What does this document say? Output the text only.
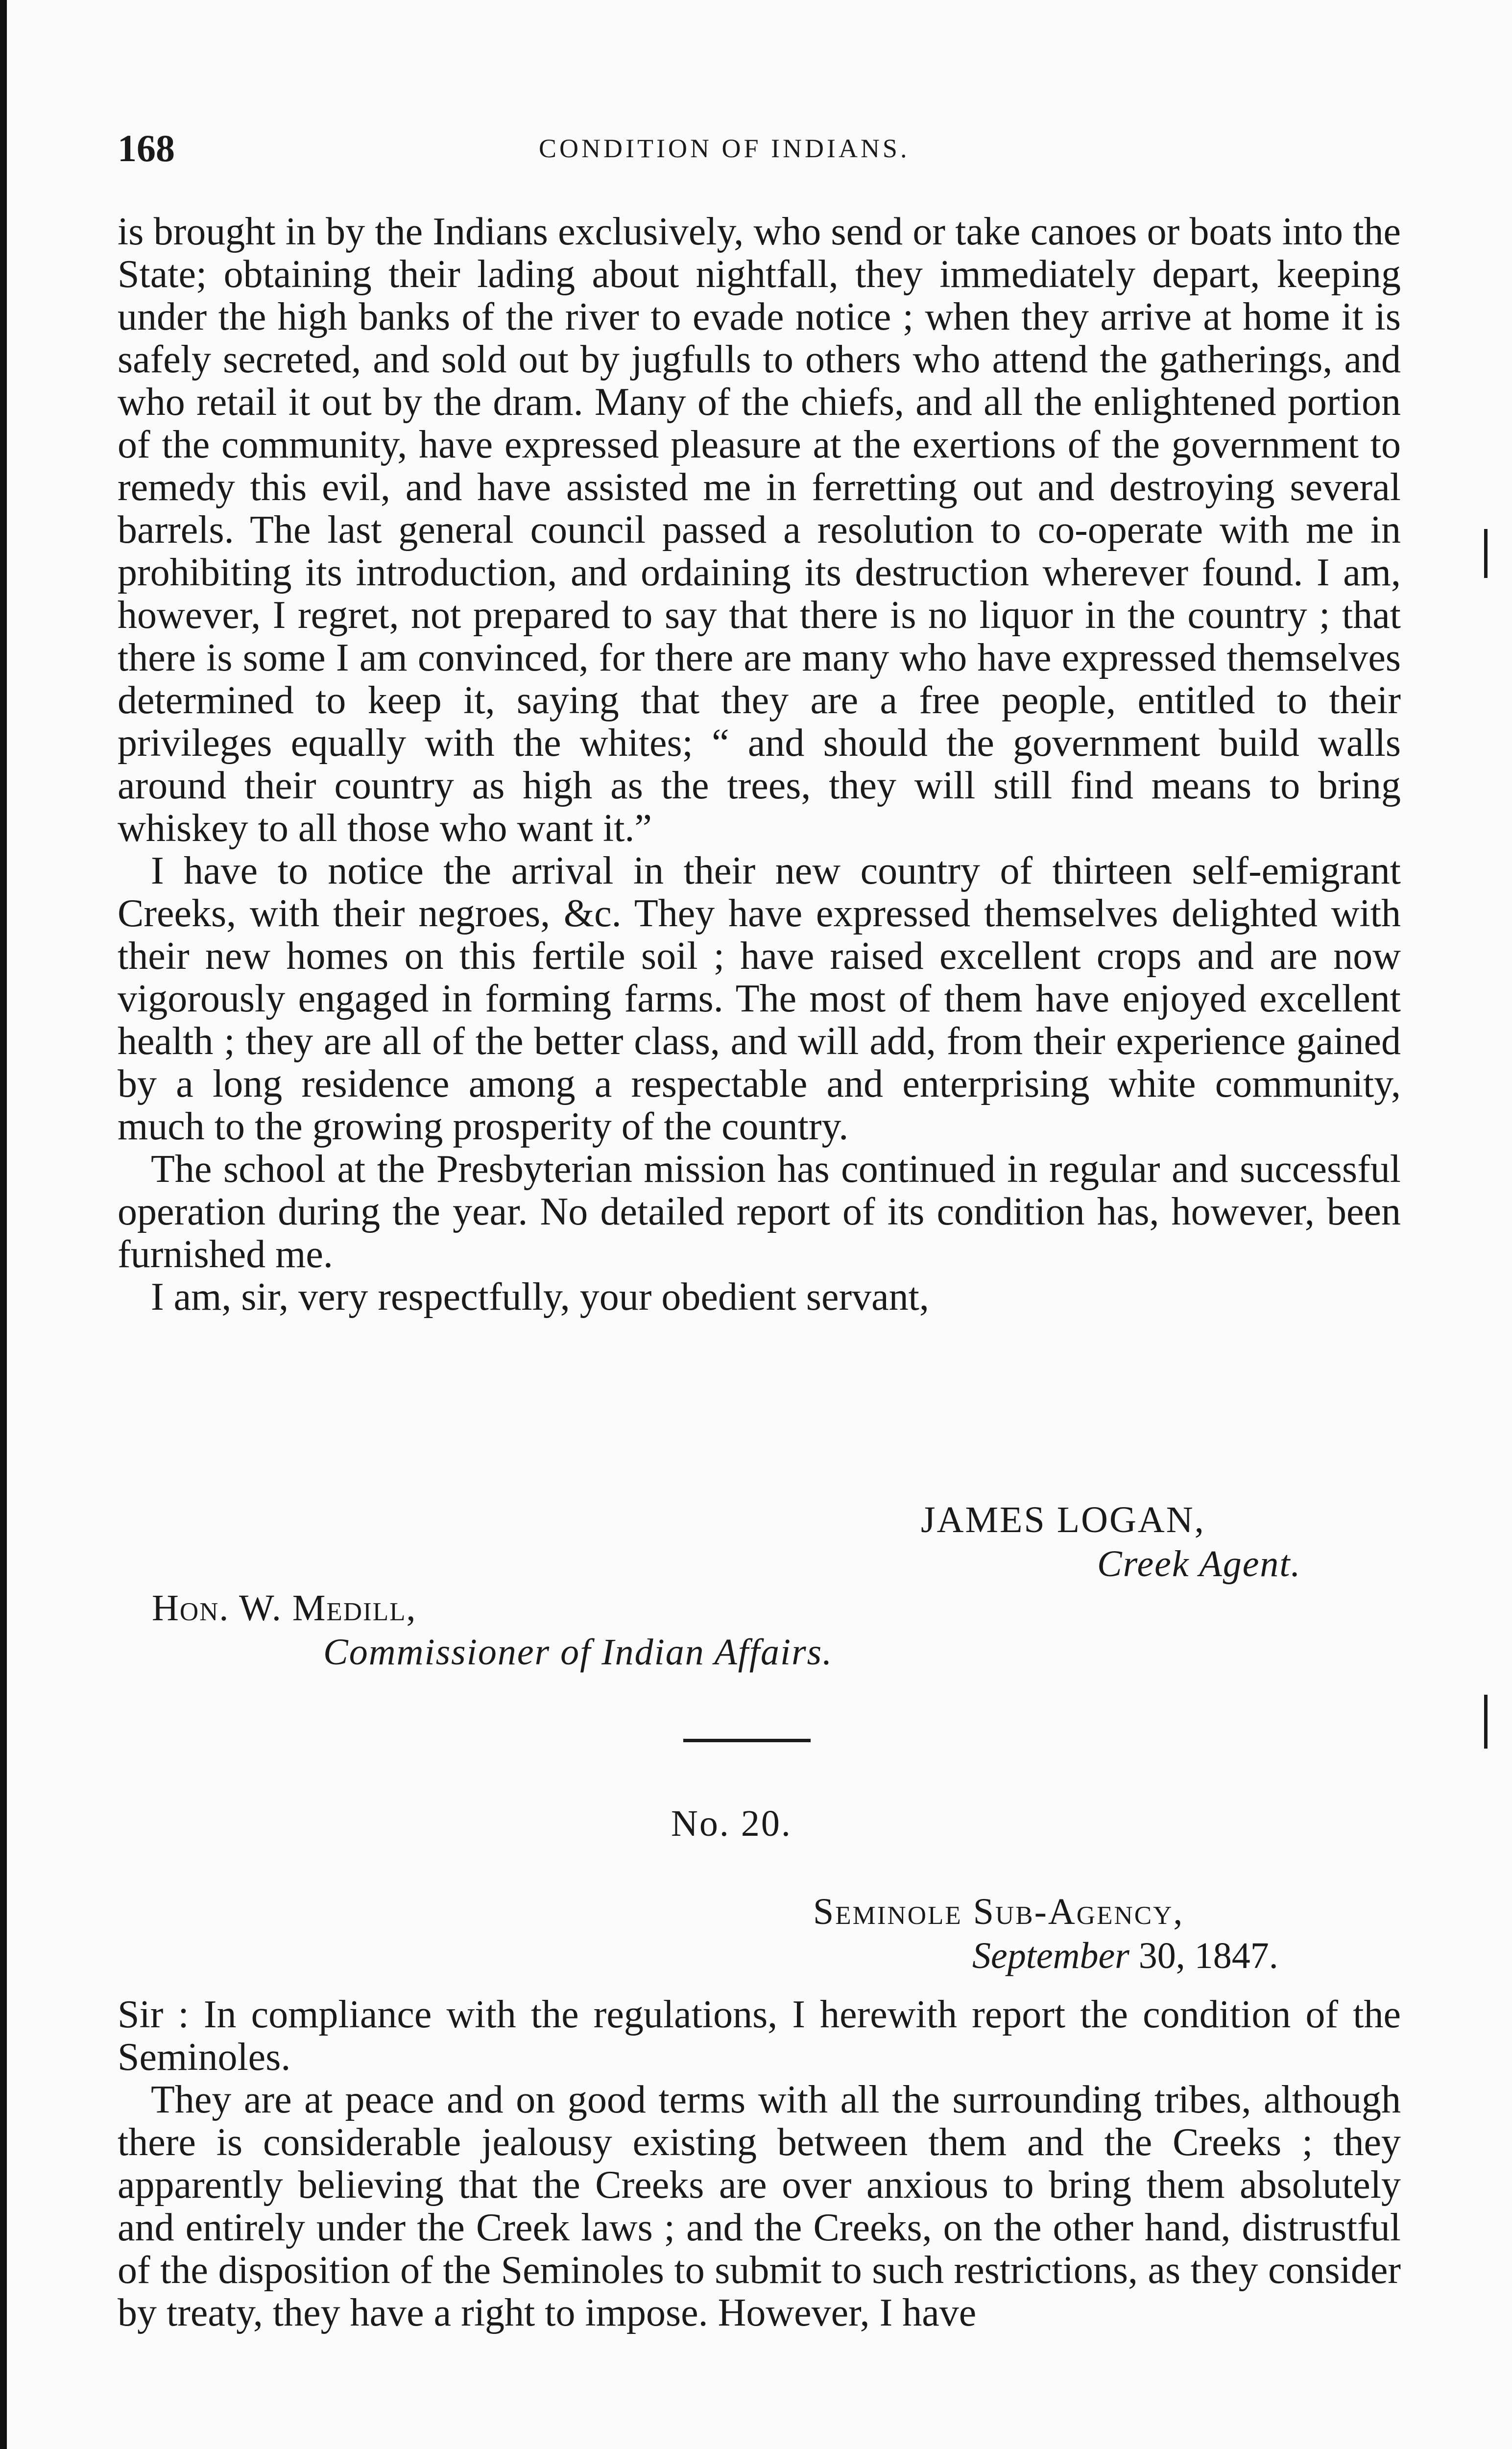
168	CONDITION OF INDIANS.

is brought in by the Indians exclusively, who send or take canoes or boats into the State; obtaining their lading about nightfall, they immediately depart, keeping under the high banks of the river to evade notice ; when they arrive at home it is safely secreted, and sold out by jugfulls to others who attend the gatherings, and who retail it out by the dram. Many of the chiefs, and all the enlightened portion of the community, have expressed pleasure at the exertions of the government to remedy this evil, and have assisted me in ferretting out and destroying several barrels. The last general council passed a resolution to co-operate with me in prohibiting its introduction, and ordaining its destruction wherever found. I am, however, I regret, not prepared to say that there is no liquor in the country ; that there is some I am convinced, for there are many who have expressed themselves determined to keep it, saying that they are a free people, entitled to their privileges equally with the whites; “ and should the government build walls around their country as high as the trees, they will still find means to bring whiskey to all those who want it.”

I have to notice the arrival in their new country of thirteen self-emigrant Creeks, with their negroes, &c. They have expressed themselves delighted with their new homes on this fertile soil ; have raised excellent crops and are now vigorously engaged in forming farms. The most of them have enjoyed excellent health ; they are all of the better class, and will add, from their experience gained by a long residence among a respectable and enterprising white community, much to the growing prosperity of the country.

The school at the Presbyterian mission has continued in regular and successful operation during the year. No detailed report of its condition has, however, been furnished me.

I am, sir, very respectfully, your obedient servant,

JAMES LOGAN,
Creek Agent.
Hon. W. Medill,
Commissioner of Indian Affairs.
No. 20.
Seminole Sub-Agency,
September 30, 1847.

Sir : In compliance with the regulations, I herewith report the condition of the Seminoles.

They are at peace and on good terms with all the surrounding tribes, although there is considerable jealousy existing between them and the Creeks ; they apparently believing that the Creeks are over anxious to bring them absolutely and entirely under the Creek laws ; and the Creeks, on the other hand, distrustful of the disposition of the Seminoles to submit to such restrictions, as they consider by treaty, they have a right to impose. However, I have
